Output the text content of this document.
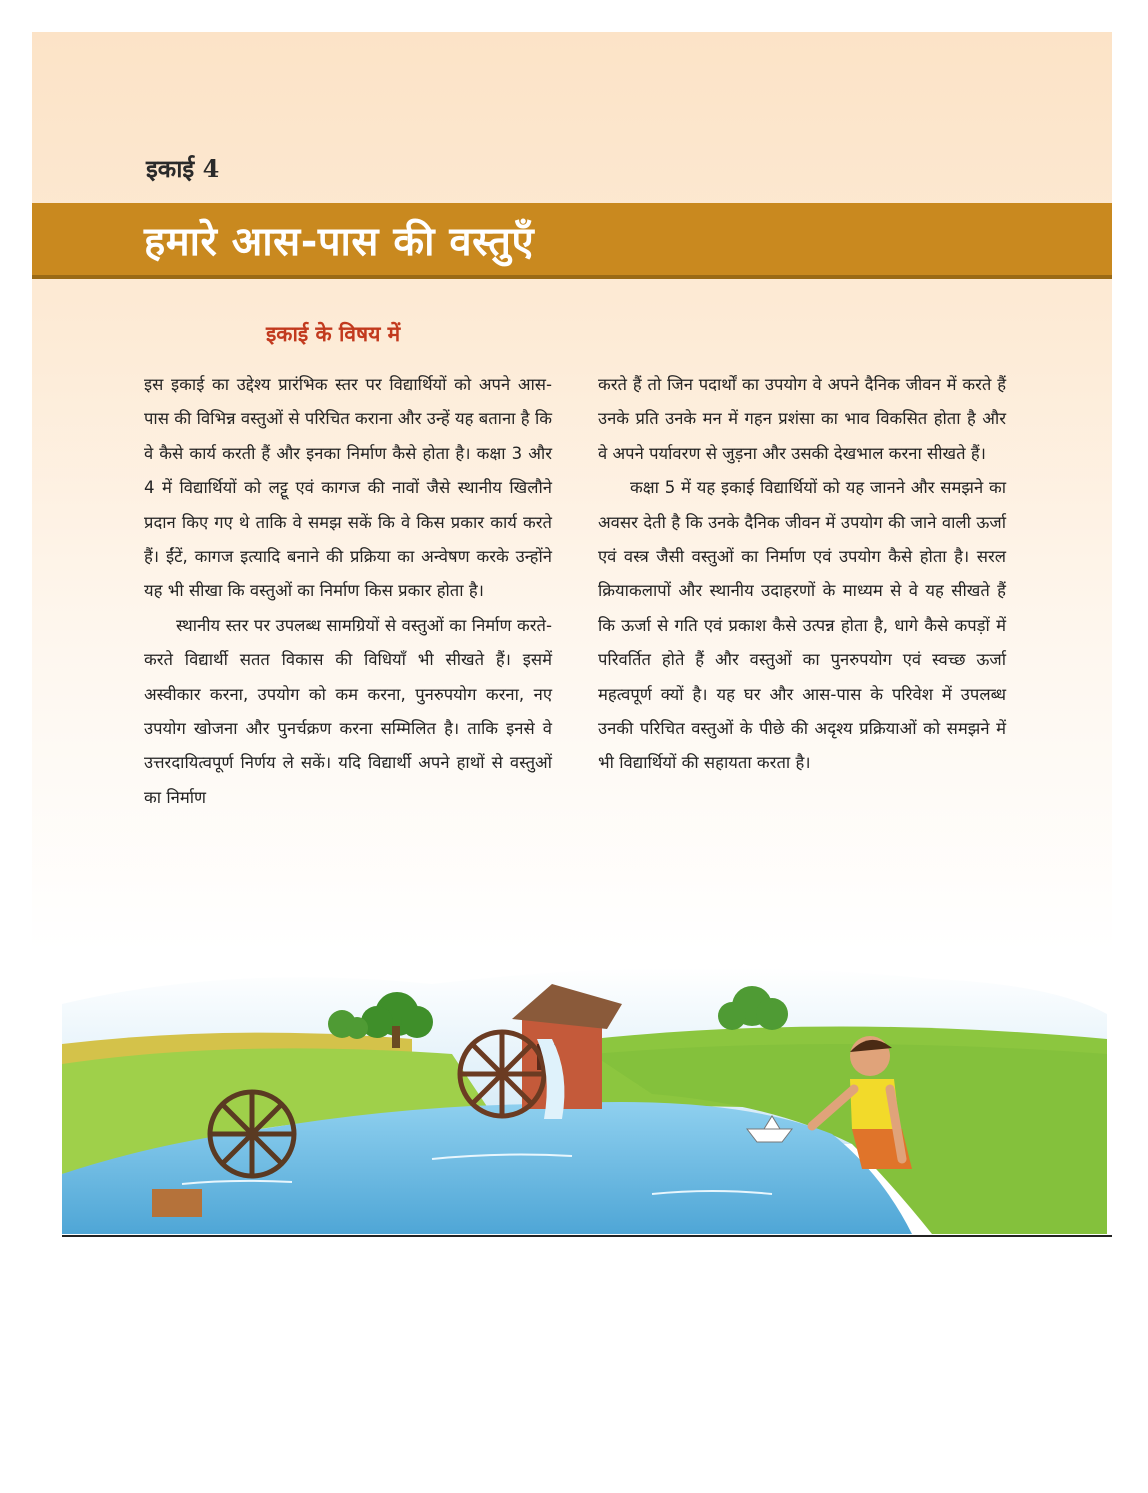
इकाई 4
हमारे आस-पास की वस्तुएँ
इकाई के विषय में

इस इकाई का उद्देश्य प्रारंभिक स्तर पर विद्यार्थियों को अपने आस-पास की विभिन्न वस्तुओं से परिचित कराना और उन्हें यह बताना है कि वे कैसे कार्य करती हैं और इनका निर्माण कैसे होता है। कक्षा 3 और 4 में विद्यार्थियों को लट्टू एवं कागज की नावों जैसे स्थानीय खिलौने प्रदान किए गए थे ताकि वे समझ सकें कि वे किस प्रकार कार्य करते हैं। ईंटें, कागज इत्यादि बनाने की प्रक्रिया का अन्वेषण करके उन्होंने यह भी सीखा कि वस्तुओं का निर्माण किस प्रकार होता है।

स्थानीय स्तर पर उपलब्ध सामग्रियों से वस्तुओं का निर्माण करते-करते विद्यार्थी सतत विकास की विधियाँ भी सीखते हैं। इसमें अस्वीकार करना, उपयोग को कम करना, पुनरुपयोग करना, नए उपयोग खोजना और पुनर्चक्रण करना सम्मिलित है। ताकि इनसे वे उत्तरदायित्वपूर्ण निर्णय ले सकें। यदि विद्यार्थी अपने हाथों से वस्तुओं का निर्माण

करते हैं तो जिन पदार्थों का उपयोग वे अपने दैनिक जीवन में करते हैं उनके प्रति उनके मन में गहन प्रशंसा का भाव विकसित होता है और वे अपने पर्यावरण से जुड़ना और उसकी देखभाल करना सीखते हैं।

कक्षा 5 में यह इकाई विद्यार्थियों को यह जानने और समझने का अवसर देती है कि उनके दैनिक जीवन में उपयोग की जाने वाली ऊर्जा एवं वस्त्र जैसी वस्तुओं का निर्माण एवं उपयोग कैसे होता है। सरल क्रियाकलापों और स्थानीय उदाहरणों के माध्यम से वे यह सीखते हैं कि ऊर्जा से गति एवं प्रकाश कैसे उत्पन्न होता है, धागे कैसे कपड़ों में परिवर्तित होते हैं और वस्तुओं का पुनरुपयोग एवं स्वच्छ ऊर्जा महत्वपूर्ण क्यों है। यह घर और आस-पास के परिवेश में उपलब्ध उनकी परिचित वस्तुओं के पीछे की अदृश्य प्रक्रियाओं को समझने में भी विद्यार्थियों की सहायता करता है।
